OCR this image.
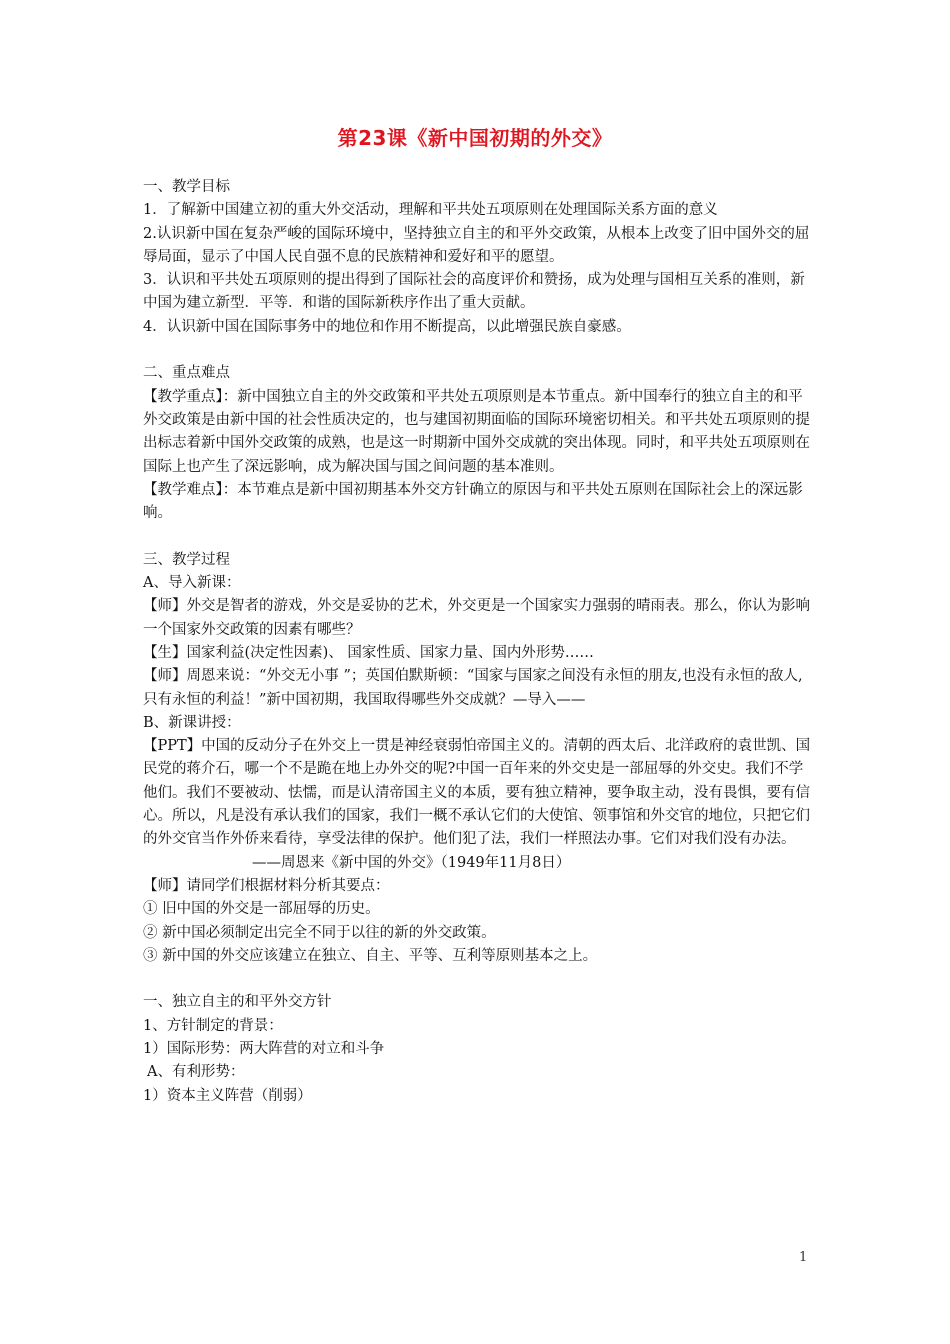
第23课《新中国初期的外交》

一、教学目标

1．了解新中国建立初的重大外交活动，理解和平共处五项原则在处理国际关系方面的意义

2.认识新中国在复杂严峻的国际环境中，坚持独立自主的和平外交政策，从根本上改变了旧中国外交的屈辱局面，显示了中国人民自强不息的民族精神和爱好和平的愿望。

3．认识和平共处五项原则的提出得到了国际社会的高度评价和赞扬，成为处理与国相互关系的准则，新中国为建立新型．平等．和谐的国际新秩序作出了重大贡献。

4．认识新中国在国际事务中的地位和作用不断提高，以此增强民族自豪感。

二、重点难点

【教学重点】：新中国独立自主的外交政策和平共处五项原则是本节重点。新中国奉行的独立自主的和平外交政策是由新中国的社会性质决定的，也与建国初期面临的国际环境密切相关。和平共处五项原则的提出标志着新中国外交政策的成熟，也是这一时期新中国外交成就的突出体现。同时，和平共处五项原则在国际上也产生了深远影响，成为解决国与国之间问题的基本准则。

【教学难点】：本节难点是新中国初期基本外交方针确立的原因与和平共处五原则在国际社会上的深远影响。

三、教学过程

A、导入新课：

【师】外交是智者的游戏，外交是妥协的艺术，外交更是一个国家实力强弱的晴雨表。那么，你认为影响一个国家外交政策的因素有哪些？

【生】国家利益(决定性因素)、 国家性质、国家力量、国内外形势……

【师】周恩来说：“外交无小事 ”；英国伯默斯顿：“国家与国家之间没有永恒的朋友,也没有永恒的敌人,只有永恒的利益！”新中国初期，我国取得哪些外交成就？—导入——

B、新课讲授：

【PPT】中国的反动分子在外交上一贯是神经衰弱怕帝国主义的。清朝的西太后、北洋政府的袁世凯、国民党的蒋介石，哪一个不是跪在地上办外交的呢?中国一百年来的外交史是一部屈辱的外交史。我们不学他们。我们不要被动、怯懦，而是认清帝国主义的本质，要有独立精神，要争取主动，没有畏惧，要有信心。所以，凡是没有承认我们的国家，我们一概不承认它们的大使馆、领事馆和外交官的地位，只把它们的外交官当作外侨来看待，享受法律的保护。他们犯了法，我们一样照法办事。它们对我们没有办法。

——周恩来《新中国的外交》（1949年11月8日）

【师】请同学们根据材料分析其要点：

① 旧中国的外交是一部屈辱的历史。

② 新中国必须制定出完全不同于以往的新的外交政策。

③ 新中国的外交应该建立在独立、自主、平等、互利等原则基本之上。

一、独立自主的和平外交方针

1、方针制定的背景：

1）国际形势：两大阵营的对立和斗争

A、有利形势：

1）资本主义阵营（削弱）

1
